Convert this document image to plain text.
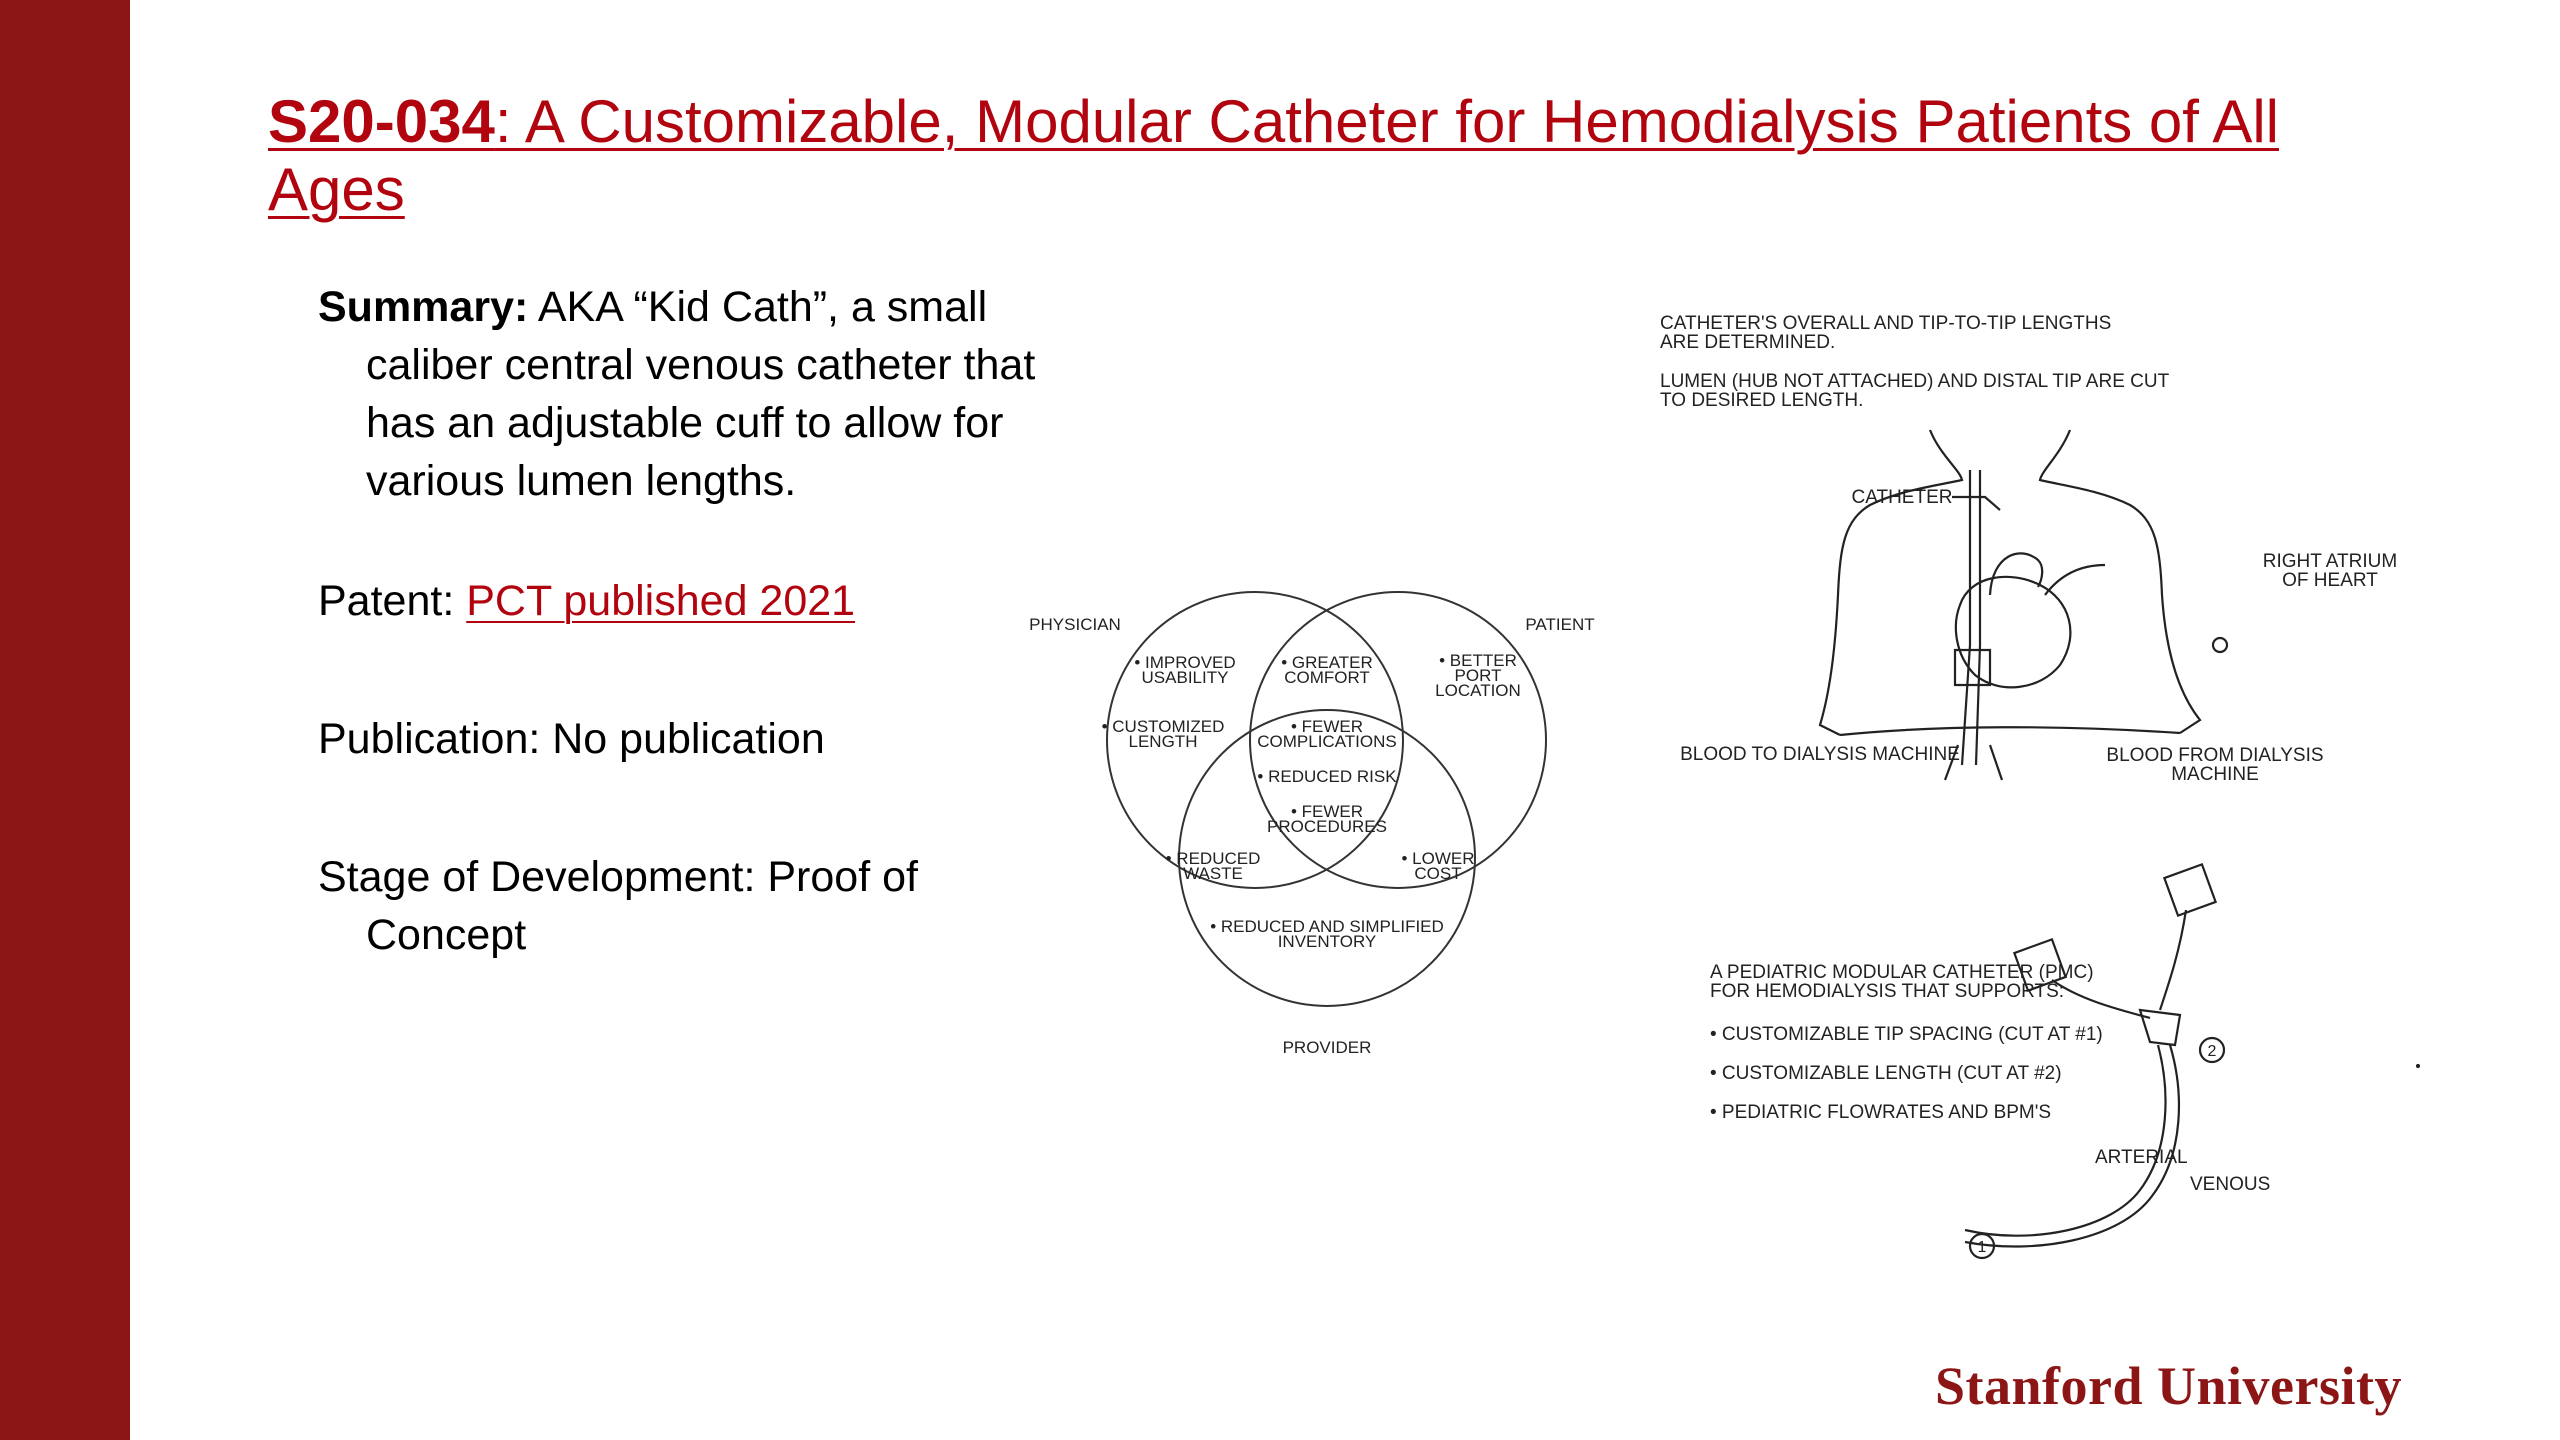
S20-034: A Customizable, Modular Catheter for Hemodialysis Patients of All Ages
Summary: AKA “Kid Cath”, a small caliber central venous catheter that has an adjustable cuff to allow for various lumen lengths.
Patent: PCT published 2021
Publication: No publication
Stage of Development: Proof of Concept
PHYSICIAN	PATIENT
PROVIDER
• IMPROVED
USABILITY
• CUSTOMIZED
LENGTH
• GREATER
COMFORT
• BETTER
PORT
LOCATION
• FEWER
COMPLICATIONS
• REDUCED RISK
• FEWER
PROCEDURES
• REDUCED
WASTE
• LOWER
COST
• REDUCED AND SIMPLIFIED
INVENTORY
CATHETER'S OVERALL AND TIP-TO-TIP LENGTHS
ARE DETERMINED.
LUMEN (HUB NOT ATTACHED) AND DISTAL TIP ARE CUT
TO DESIRED LENGTH.
CATHETER
RIGHT ATRIUM
OF HEART
BLOOD TO DIALYSIS MACHINE	BLOOD FROM DIALYSIS
MACHINE
A PEDIATRIC MODULAR CATHETER (PMC)
FOR HEMODIALYSIS THAT SUPPORTS:
• CUSTOMIZABLE TIP SPACING (CUT AT #1)
• CUSTOMIZABLE LENGTH (CUT AT #2)
• PEDIATRIC FLOWRATES AND BPM'S
ARTERIAL
VENOUS
2
1
Stanford University
